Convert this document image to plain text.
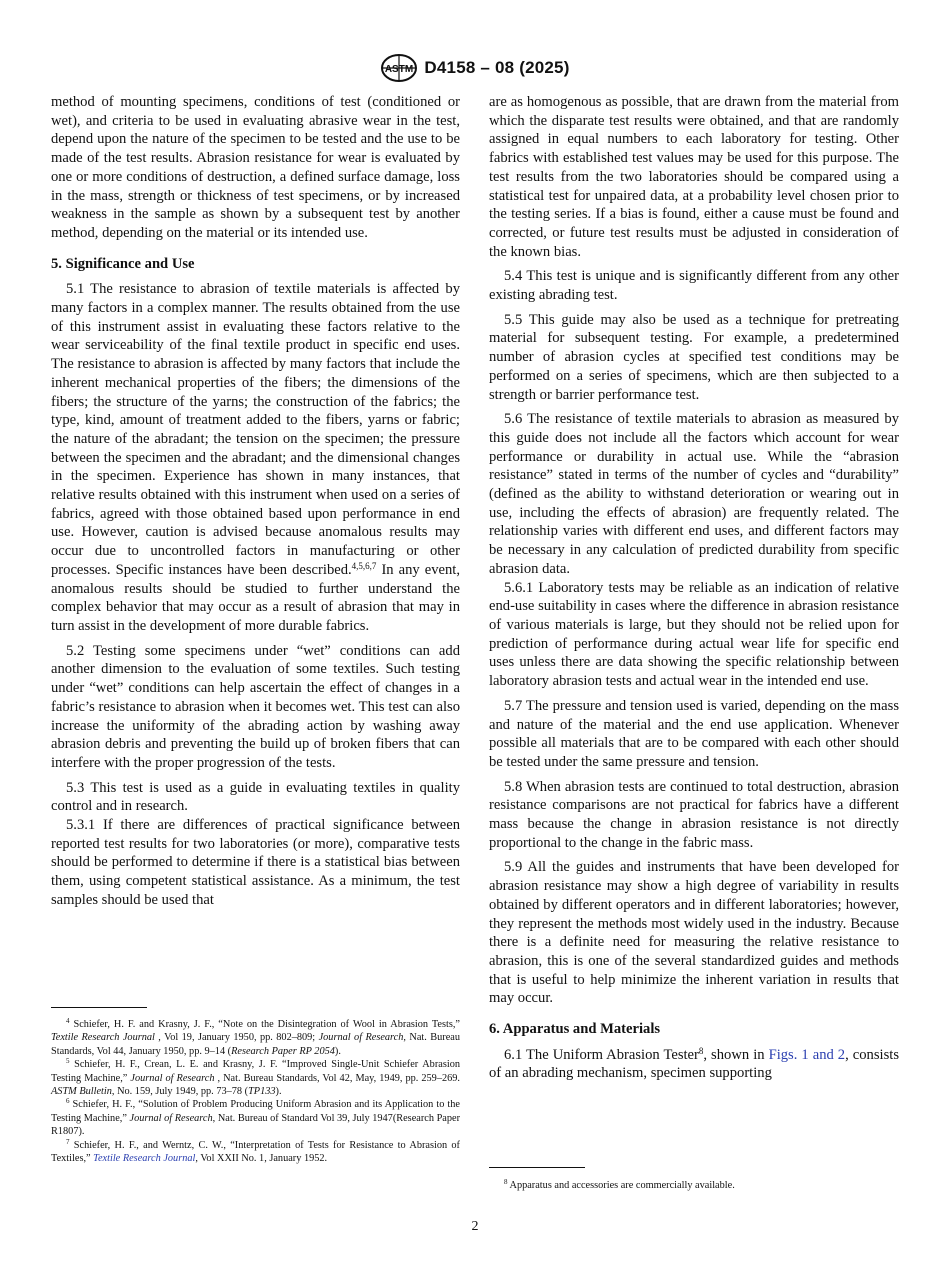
ASTM D4158 – 08 (2025)

method of mounting specimens, conditions of test (conditioned or wet), and criteria to be used in evaluating abrasive wear in the test, depend upon the nature of the specimen to be tested and the use to be made of the test results. Abrasion resistance for wear is evaluated by one or more conditions of destruction, a defined surface damage, loss in the mass, strength or thickness of test specimens, or by increased weakness in the sample as shown by a subsequent test by another method, depending on the material or its intended use.

5. Significance and Use

5.1 The resistance to abrasion of textile materials is affected by many factors in a complex manner. The results obtained from the use of this instrument assist in evaluating these factors relative to the wear serviceability of the final textile product in specific end uses. The resistance to abrasion is affected by many factors that include the inherent mechanical properties of the fibers; the dimensions of the fibers; the structure of the yarns; the construction of the fabrics; the type, kind, amount of treatment added to the fibers, yarns or fabric; the nature of the abradant; the tension on the specimen; the pressure between the specimen and the abradant; and the dimensional changes in the specimen. Experience has shown in many instances, that relative results obtained with this instrument when used on a series of fabrics, agreed with those obtained based upon performance in end use. However, caution is advised because anomalous results may occur due to uncontrolled factors in manufacturing or other processes. Specific instances have been described.$^{4,5,6,7}$ In any event, anomalous results should be studied to further understand the complex behavior that may occur as a result of abrasion that may in turn assist in the development of more durable fabrics.

5.2 Testing some specimens under “wet” conditions can add another dimension to the evaluation of some textiles. Such testing under “wet” conditions can help ascertain the effect of changes in a fabric’s resistance to abrasion when it becomes wet. This test can also increase the uniformity of the abrading action by washing away abrasion debris and preventing the build up of broken fibers that can interfere with the proper progression of the tests.

5.3 This test is used as a guide in evaluating textiles in quality control and in research.

5.3.1 If there are differences of practical significance between reported test results for two laboratories (or more), comparative tests should be performed to determine if there is a statistical bias between them, using competent statistical assistance. As a minimum, the test samples should be used that

are as homogenous as possible, that are drawn from the material from which the disparate test results were obtained, and that are randomly assigned in equal numbers to each laboratory for testing. Other fabrics with established test values may be used for this purpose. The test results from the two laboratories should be compared using a statistical test for unpaired data, at a probability level chosen prior to the testing series. If a bias is found, either a cause must be found and corrected, or future test results must be adjusted in consideration of the known bias.

5.4 This test is unique and is significantly different from any other existing abrading test.

5.5 This guide may also be used as a technique for pretreating material for subsequent testing. For example, a predetermined number of abrasion cycles at specified test conditions may be performed on a series of specimens, which are then subjected to a strength or barrier performance test.

5.6 The resistance of textile materials to abrasion as measured by this guide does not include all the factors which account for wear performance or durability in actual use. While the “abrasion resistance” stated in terms of the number of cycles and “durability” (defined as the ability to withstand deterioration or wearing out in use, including the effects of abrasion) are frequently related. The relationship varies with different end uses, and different factors may be necessary in any calculation of predicted durability from specific abrasion data.

5.6.1 Laboratory tests may be reliable as an indication of relative end-use suitability in cases where the difference in abrasion resistance of various materials is large, but they should not be relied upon for prediction of performance during actual wear life for specific end uses unless there are data showing the specific relationship between laboratory abrasion tests and actual wear in the intended end use.

5.7 The pressure and tension used is varied, depending on the mass and nature of the material and the end use application. Whenever possible all materials that are to be compared with each other should be tested under the same pressure and tension.

5.8 When abrasion tests are continued to total destruction, abrasion resistance comparisons are not practical for fabrics have a different mass because the change in abrasion resistance is not directly proportional to the change in the fabric mass.

5.9 All the guides and instruments that have been developed for abrasion resistance may show a high degree of variability in results obtained by different operators and in different laboratories; however, they represent the methods most widely used in the industry. Because there is a definite need for measuring the relative resistance to abrasion, this is one of the several standardized guides and methods that is useful to help minimize the inherent variation in results that may occur.

6. Apparatus and Materials

6.1 The Uniform Abrasion Tester$^8$, shown in Figs. 1 and 2, consists of an abrading mechanism, specimen supporting

$^4$ Schiefer, H. F. and Krasny, J. F., “Note on the Disintegration of Wool in Abrasion Tests,” Textile Research Journal , Vol 19, January 1950, pp. 802–809; Journal of Research, Nat. Bureau Standards, Vol 44, January 1950, pp. 9–14 (Research Paper RP 2054).

$^5$ Schiefer, H. F., Crean, L. E. and Krasny, J. F. “Improved Single-Unit Schiefer Abrasion Testing Machine,” Journal of Research , Nat. Bureau Standards, Vol 42, May, 1949, pp. 259–269. ASTM Bulletin, No. 159, July 1949, pp. 73–78 (TP133).

$^6$ Schiefer, H. F., “Solution of Problem Producing Uniform Abrasion and its Application to the Testing Machine,” Journal of Research, Nat. Bureau of Standard Vol 39, July 1947(Research Paper R1807).

$^7$ Schiefer, H. F., and Werntz, C. W., “Interpretation of Tests for Resistance to Abrasion of Textiles,” Textile Research Journal, Vol XXII No. 1, January 1952.

$^8$ Apparatus and accessories are commercially available.

2
